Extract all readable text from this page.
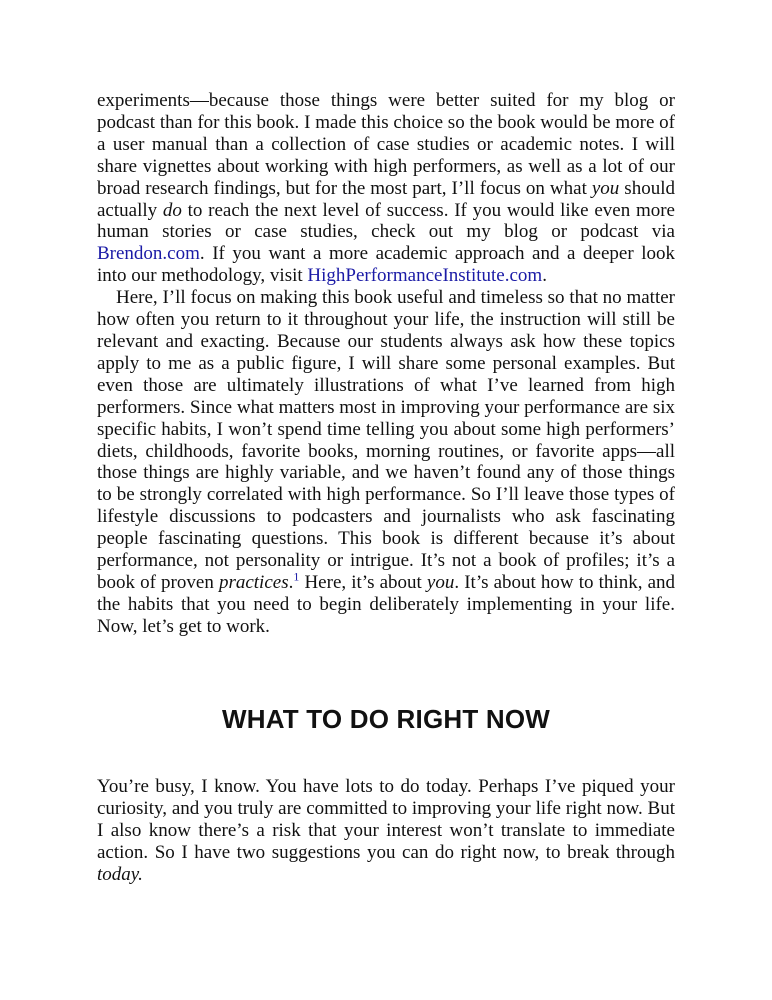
experiments—because those things were better suited for my blog or podcast than for this book. I made this choice so the book would be more of a user manual than a collection of case studies or academic notes. I will share vignettes about working with high performers, as well as a lot of our broad research findings, but for the most part, I’ll focus on what you should actually do to reach the next level of success. If you would like even more human stories or case studies, check out my blog or podcast via Brendon.com. If you want a more academic approach and a deeper look into our methodology, visit HighPerformanceInstitute.com.

Here, I’ll focus on making this book useful and timeless so that no matter how often you return to it throughout your life, the instruction will still be relevant and exacting. Because our students always ask how these topics apply to me as a public figure, I will share some personal examples. But even those are ultimately illustrations of what I’ve learned from high performers. Since what matters most in improving your performance are six specific habits, I won’t spend time telling you about some high performers’ diets, childhoods, favorite books, morning routines, or favorite apps—all those things are highly variable, and we haven’t found any of those things to be strongly correlated with high performance. So I’ll leave those types of lifestyle discussions to podcasters and journalists who ask fascinating people fascinating questions. This book is different because it’s about performance, not personality or intrigue. It’s not a book of profiles; it’s a book of proven practices.$^1$ Here, it’s about you. It’s about how to think, and the habits that you need to begin deliberately implementing in your life. Now, let’s get to work.

WHAT TO DO RIGHT NOW

You’re busy, I know. You have lots to do today. Perhaps I’ve piqued your curiosity, and you truly are committed to improving your life right now. But I also know there’s a risk that your interest won’t translate to immediate action. So I have two suggestions you can do right now, to break through today.
